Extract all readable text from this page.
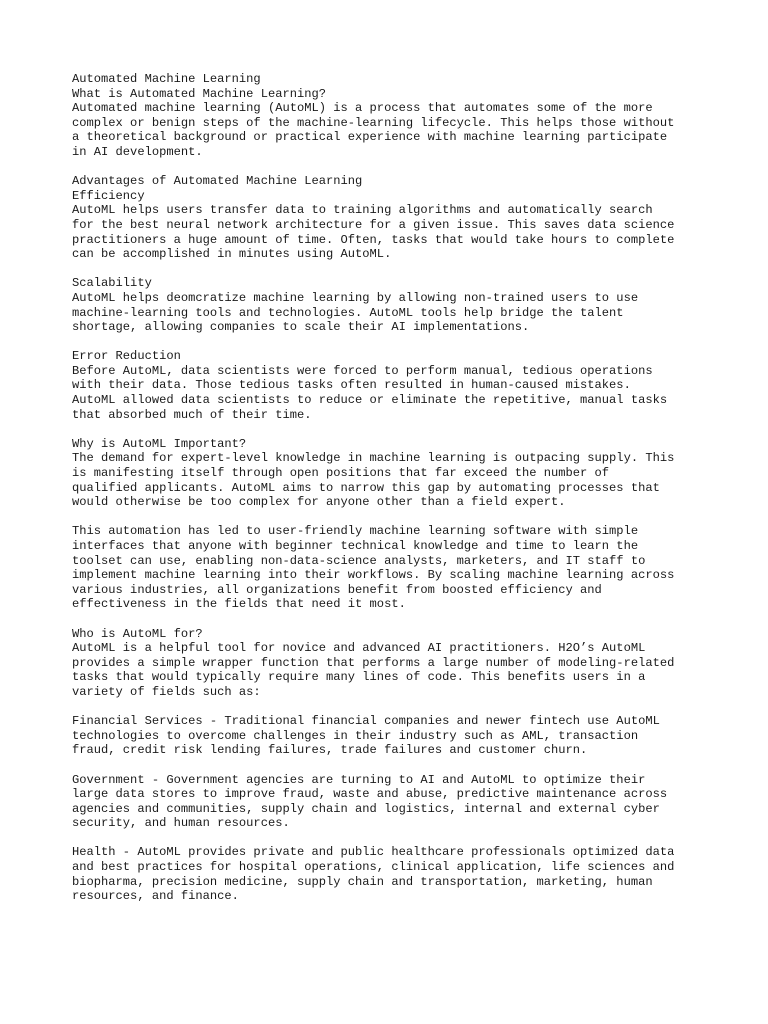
Automated Machine Learning
What is Automated Machine Learning?
Automated machine learning (AutoML) is a process that automates some of the more
complex or benign steps of the machine-learning lifecycle. This helps those without
a theoretical background or practical experience with machine learning participate
in AI development.
Advantages of Automated Machine Learning
Efficiency
AutoML helps users transfer data to training algorithms and automatically search
for the best neural network architecture for a given issue. This saves data science
practitioners a huge amount of time. Often, tasks that would take hours to complete
can be accomplished in minutes using AutoML.
Scalability
AutoML helps deomcratize machine learning by allowing non-trained users to use
machine-learning tools and technologies. AutoML tools help bridge the talent
shortage, allowing companies to scale their AI implementations.
Error Reduction
Before AutoML, data scientists were forced to perform manual, tedious operations
with their data. Those tedious tasks often resulted in human-caused mistakes.
AutoML allowed data scientists to reduce or eliminate the repetitive, manual tasks
that absorbed much of their time.
Why is AutoML Important?
The demand for expert-level knowledge in machine learning is outpacing supply. This
is manifesting itself through open positions that far exceed the number of
qualified applicants. AutoML aims to narrow this gap by automating processes that
would otherwise be too complex for anyone other than a field expert.
This automation has led to user-friendly machine learning software with simple
interfaces that anyone with beginner technical knowledge and time to learn the
toolset can use, enabling non-data-science analysts, marketers, and IT staff to
implement machine learning into their workflows. By scaling machine learning across
various industries, all organizations benefit from boosted efficiency and
effectiveness in the fields that need it most.
Who is AutoML for?
AutoML is a helpful tool for novice and advanced AI practitioners. H2O’s AutoML
provides a simple wrapper function that performs a large number of modeling-related
tasks that would typically require many lines of code. This benefits users in a
variety of fields such as:
Financial Services - Traditional financial companies and newer fintech use AutoML
technologies to overcome challenges in their industry such as AML, transaction
fraud, credit risk lending failures, trade failures and customer churn.
Government - Government agencies are turning to AI and AutoML to optimize their
large data stores to improve fraud, waste and abuse, predictive maintenance across
agencies and communities, supply chain and logistics, internal and external cyber
security, and human resources.
Health - AutoML provides private and public healthcare professionals optimized data
and best practices for hospital operations, clinical application, life sciences and
biopharma, precision medicine, supply chain and transportation, marketing, human
resources, and finance.
